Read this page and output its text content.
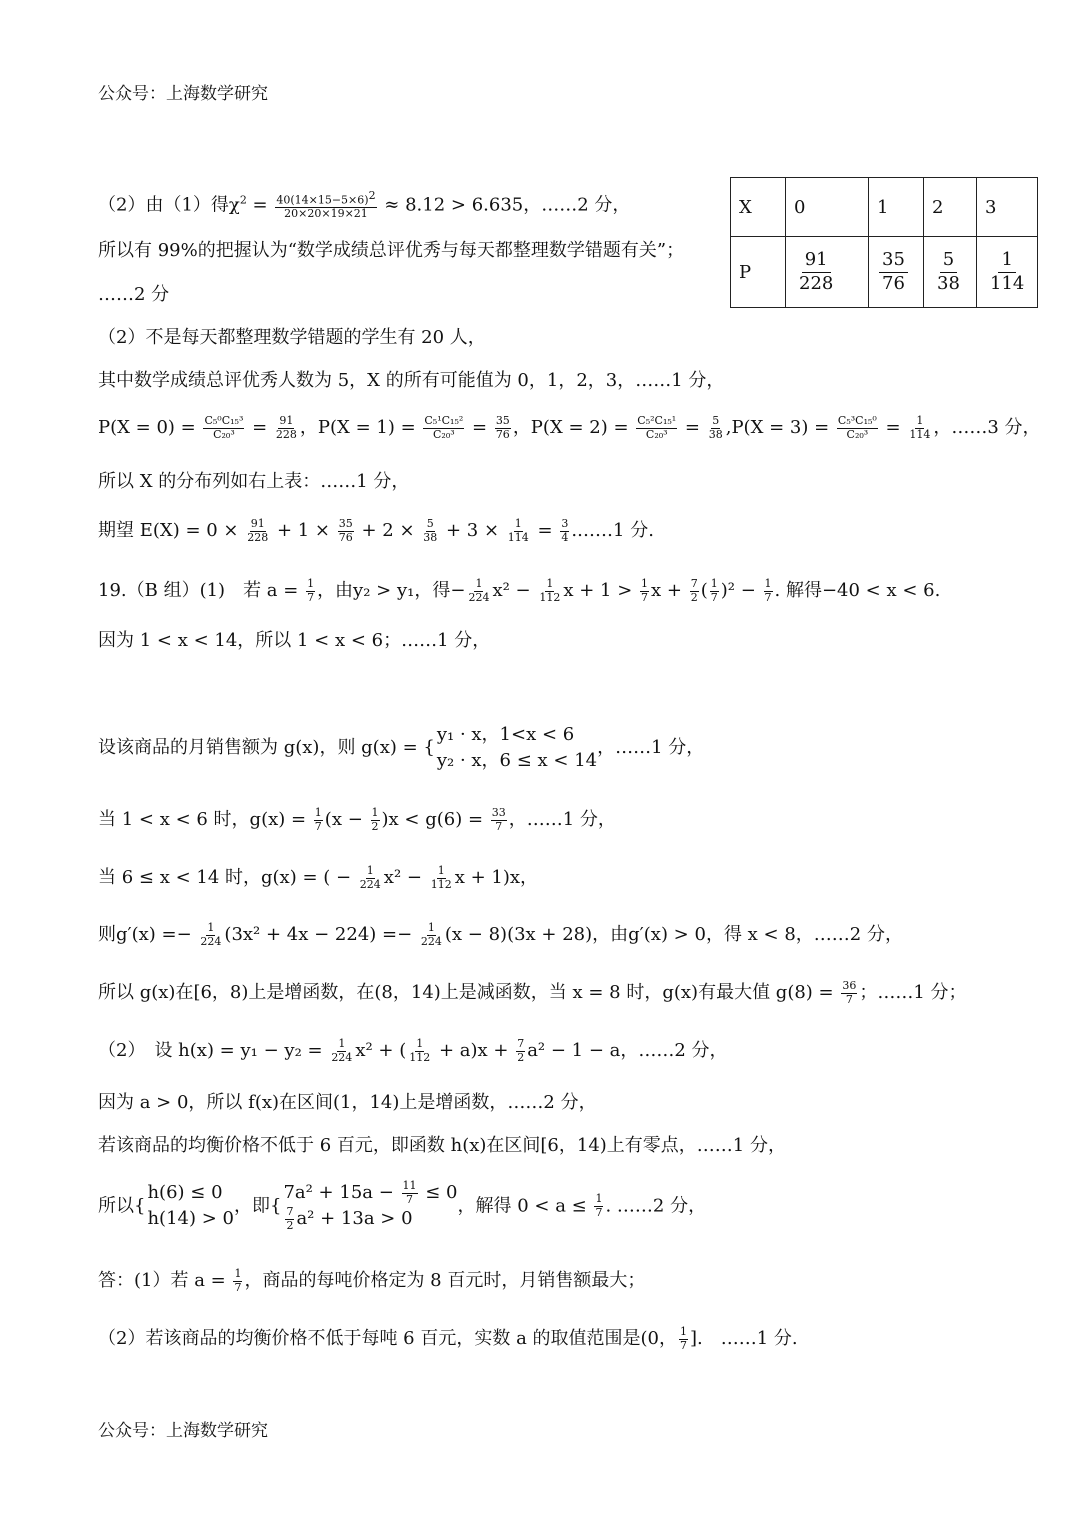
公众号：上海数学研究
X	0	1	2	3
P	$\frac{91}{228}$	$\frac{35}{76}$	$\frac{5}{38}$	$\frac{1}{114}$
（2）由（1）得$\chi^2 = \frac{40(14\times 15-5\times 6)^2}{20\times 20\times 19\times 21} \approx 8.12 > 6.635$，……2 分，
所以有 99%的把握认为“数学成绩总评优秀与每天都整理数学错题有关”；
……2 分
（2）不是每天都整理数学错题的学生有 20 人，
其中数学成绩总评优秀人数为 5，X 的所有可能值为 0，1，2，3，……1 分，
$P(X = 0) = \frac{\text{C₅⁰C₁₅³}}{\text{C₂₀³}} = \frac{91}{228}$ ，$P(X = 1) = \frac{\text{C₅¹C₁₅²}}{\text{C₂₀³}} = \frac{35}{76}$ ，$P(X = 2) = \frac{\text{C₅²C₁₅¹}}{\text{C₂₀³}} = \frac{5}{38} ,P(X = 3) = \frac{\text{C₅³C₁₅⁰}}{\text{C₂₀³}} = \frac{1}{114}$ ，……3 分，
所以 X 的分布列如右上表：……1 分，
期望 $E(X) = 0 \times \frac{91}{228} + 1 \times \frac{35}{76} + 2 \times \frac{5}{38} + 3 \times \frac{1}{114} = \frac{3}{4}$ .……1 分.
19.（B 组）(1)　若 $a = \frac{1}{7}$ ，由y₂ > y₁，得− $\frac{1}{224} x^2 - \frac{1}{112}$ $x + 1 > \frac{1}{7}$ $x + \frac{7}{2}$ ( $\frac{1}{7} )^2 - \frac{1}{7}$ . 解得−40 < x < 6.
因为 1 < x < 14，所以 1 < x < 6；……1 分，
设该商品的月销售额为 g(x)，则 g(x) = {
y₁ · x，1<x < 6
y₂ · x，6 ≤ x < 14
，……1 分，
当 1 < x < 6 时，$g(x) = \frac{1}{7} (x - \frac{1}{2} )x < g(6) = \frac{33}{7}$ ，……1 分，
当 6 ≤ x < 14 时，g(x) = ( − $\frac{1}{224} x^2 - \frac{1}{112}$ x + 1)x，
则$g'(x) =- \frac{1}{224} (3x^2 + 4x - 224) =- \frac{1}{224} (x - 8)(3x + 28)$，由g′(x) > 0，得 x < 8，……2 分，
所以 g(x)在[6，8)上是增函数，在(8，14)上是减函数，当 x = 8 时，g(x)有最大值 $g(8) = \frac{36}{7}$ ；……1 分；
（2）　设 $h(x) = y_1 - y_2 = \frac{1}{224} x^2$ + ( $\frac{1}{112} + a)x + \frac{7}{2} a^2 - 1 - a$，……2 分，
因为 a > 0，所以 f(x)在区间(1，14)上是增函数，……2 分，
若该商品的均衡价格不低于 6 百元，即函数 h(x)在区间[6，14)上有零点，……1 分，
所以{
h(6) ≤ 0
h(14) > 0
，即{
$7a^2 + 15a - \frac{11}{7} \le 0$
$\frac{7}{2} a^2 + 13a > 0$
，解得 $0 < a \le \frac{1}{7}$ . ……2 分，
答：(1）若 $a = \frac{1}{7}$ ，商品的每吨价格定为 8 百元时，月销售额最大；
（2）若该商品的均衡价格不低于每吨 6 百元，实数 a 的取值范围是(0， $\frac{1}{7}$ ].　……1 分.
公众号：上海数学研究
